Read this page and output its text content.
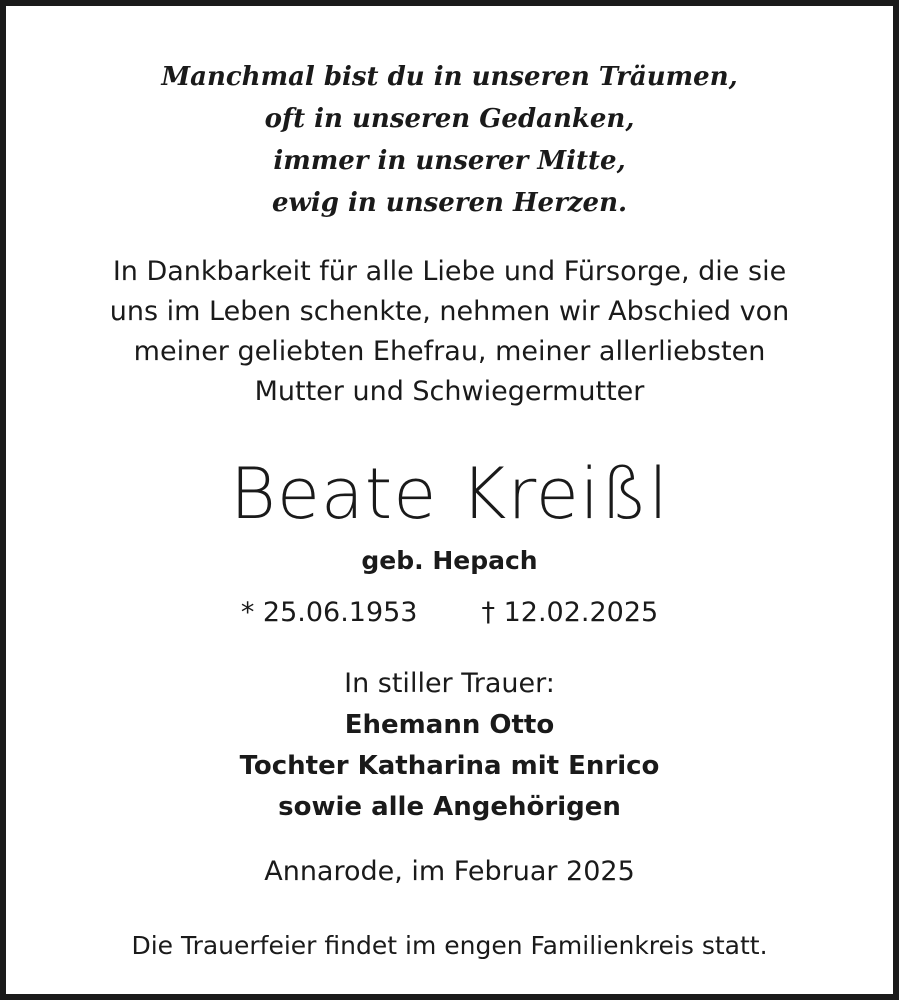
Manchmal bist du in unseren Träumen,
oft in unseren Gedanken,
immer in unserer Mitte,
ewig in unseren Herzen.
In Dankbarkeit für alle Liebe und Fürsorge, die sie
uns im Leben schenkte, nehmen wir Abschied von
meiner geliebten Ehefrau, meiner allerliebsten
Mutter und Schwiegermutter
Beate Kreißl
geb. Hepach
* 25.06.1953 † 12.02.2025
In stiller Trauer:
Ehemann Otto
Tochter Katharina mit Enrico
sowie alle Angehörigen
Annarode, im Februar 2025
Die Trauerfeier findet im engen Familienkreis statt.
